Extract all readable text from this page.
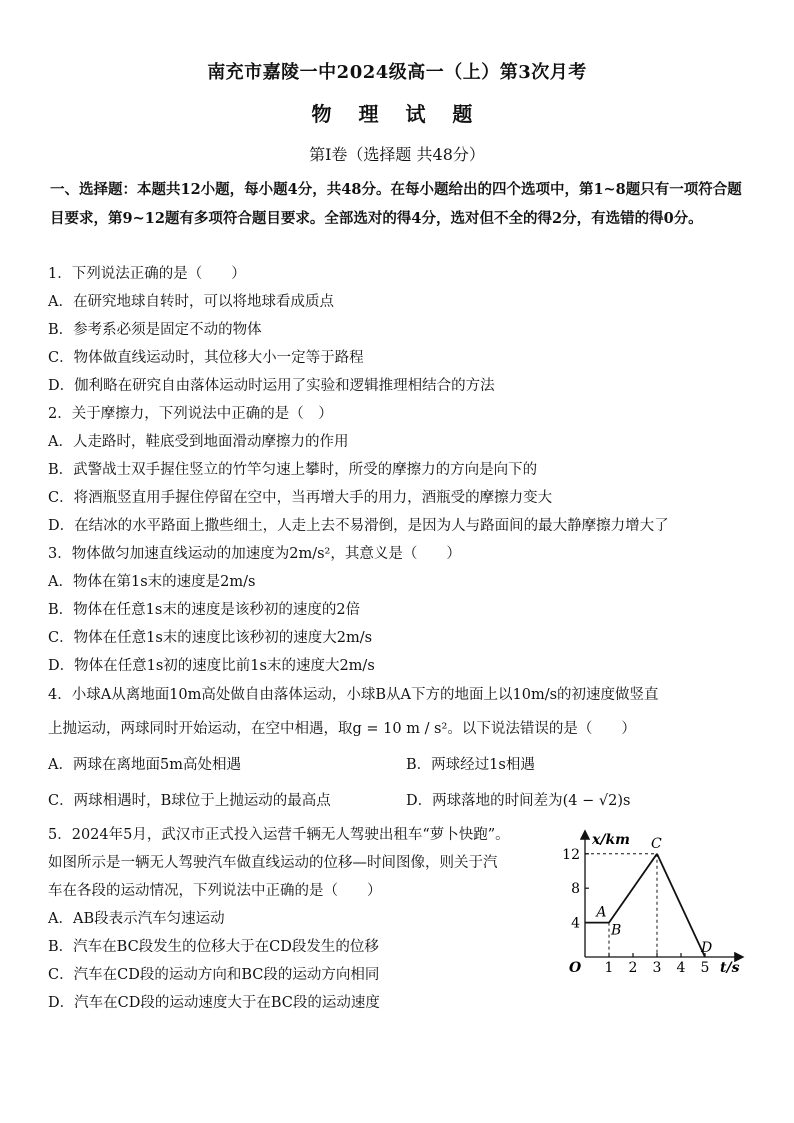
南充市嘉陵一中2024级高一（上）第3次月考
物 理 试 题
第Ⅰ卷（选择题 共48分）
一、选择题：本题共12小题，每小题4分，共48分。在每小题给出的四个选项中，第1~8题只有一项符合题目要求，第9~12题有多项符合题目要求。全部选对的得4分，选对但不全的得2分，有选错的得0分。
1．下列说法正确的是（　　）
A．在研究地球自转时，可以将地球看成质点
B．参考系必须是固定不动的物体
C．物体做直线运动时，其位移大小一定等于路程
D．伽利略在研究自由落体运动时运用了实验和逻辑推理相结合的方法
2．关于摩擦力，下列说法中正确的是（　）
A．人走路时，鞋底受到地面滑动摩擦力的作用
B．武警战士双手握住竖立的竹竿匀速上攀时，所受的摩擦力的方向是向下的
C．将酒瓶竖直用手握住停留在空中，当再增大手的用力，酒瓶受的摩擦力变大
D．在结冰的水平路面上撒些细土，人走上去不易滑倒，是因为人与路面间的最大静摩擦力增大了
3．物体做匀加速直线运动的加速度为2m/s²，其意义是（　　）
A．物体在第1s末的速度是2m/s
B．物体在任意1s末的速度是该秒初的速度的2倍
C．物体在任意1s末的速度比该秒初的速度大2m/s
D．物体在任意1s初的速度比前1s末的速度大2m/s
4．小球A从离地面10m高处做自由落体运动，小球B从A下方的地面上以10m/s的初速度做竖直
上抛运动，两球同时开始运动，在空中相遇，取g = 10 m / s²。以下说法错误的是（　　）
A．两球在离地面5m高处相遇	B．两球经过1s相遇
C．两球相遇时，B球位于上抛运动的最高点	D．两球落地的时间差为(4 − √2)s
5．2024年5月，武汉市正式投入运营千辆无人驾驶出租车“萝卜快跑”。
如图所示是一辆无人驾驶汽车做直线运动的位移—时间图像，则关于汽
车在各段的运动情况，下列说法中正确的是（　　）
A．AB段表示汽车匀速运动
B．汽车在BC段发生的位移大于在CD段发生的位移
C．汽车在CD段的运动方向和BC段的运动方向相同
D．汽车在CD段的运动速度大于在BC段的运动速度
x/km
t/s
O 1 2 3 4 5
4
8
12
A
B
C
D
